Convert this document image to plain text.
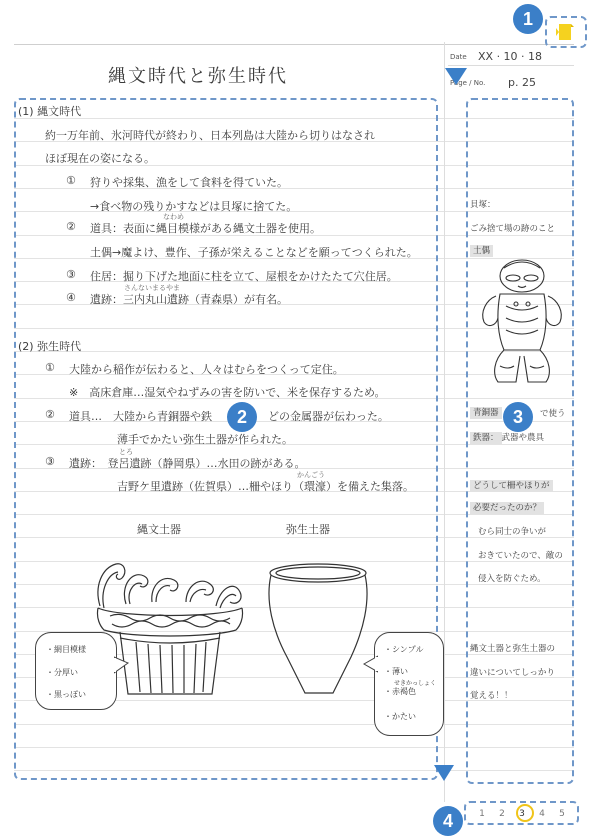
縄文時代と弥生時代
Date XX · 10 · 18
Page / No. p. 25
1
(1) 縄文時代
約一万年前、氷河時代が終わり、日本列島は大陸から切りはなされ
ほぼ現在の姿になる。
① 狩りや採集、漁をして食料を得ていた。
→食べ物の残りかすなどは貝塚に捨てた。
なわめ
② 道具：表面に縄目模様がある縄文土器を使用。
土偶→魔よけ、豊作、子孫が栄えることなどを願ってつくられた。
③ 住居：掘り下げた地面に柱を立て、屋根をかけたたて穴住居。
さんないまるやま
④ 遺跡：三内丸山遺跡（青森県）が有名。
(2) 弥生時代
① 大陸から稲作が伝わると、人々はむらをつくって定住。
※　高床倉庫…湿気やねずみの害を防いで、米を保存するため。
② 道具…　大陸から青銅器や鉄	どの金属器が伝わった。
薄手でかたい弥生土器が作られた。
とろ
③ 遺跡：　登呂遺跡（静岡県）…水田の跡がある。
かんごう
吉野ケ里遺跡（佐賀県）…柵やほり（環濠）を備えた集落。
2
縄文土器	弥生土器
・網目模様
・分厚い
・黒っぽい
・シンプル
・薄い
せきかっしょく
・赤褐色
・かたい
貝塚：
ごみ捨て場の跡のこと
土偶
青銅器	で使う
鉄器： 武器や農具
3
どうして柵やほりが
必要だったのか？
むら同士の争いが
おきていたので、敵の
侵入を防ぐため。
縄文土器と弥生土器の
違いについてしっかり
覚える！！
1	2	3	4	5
4
